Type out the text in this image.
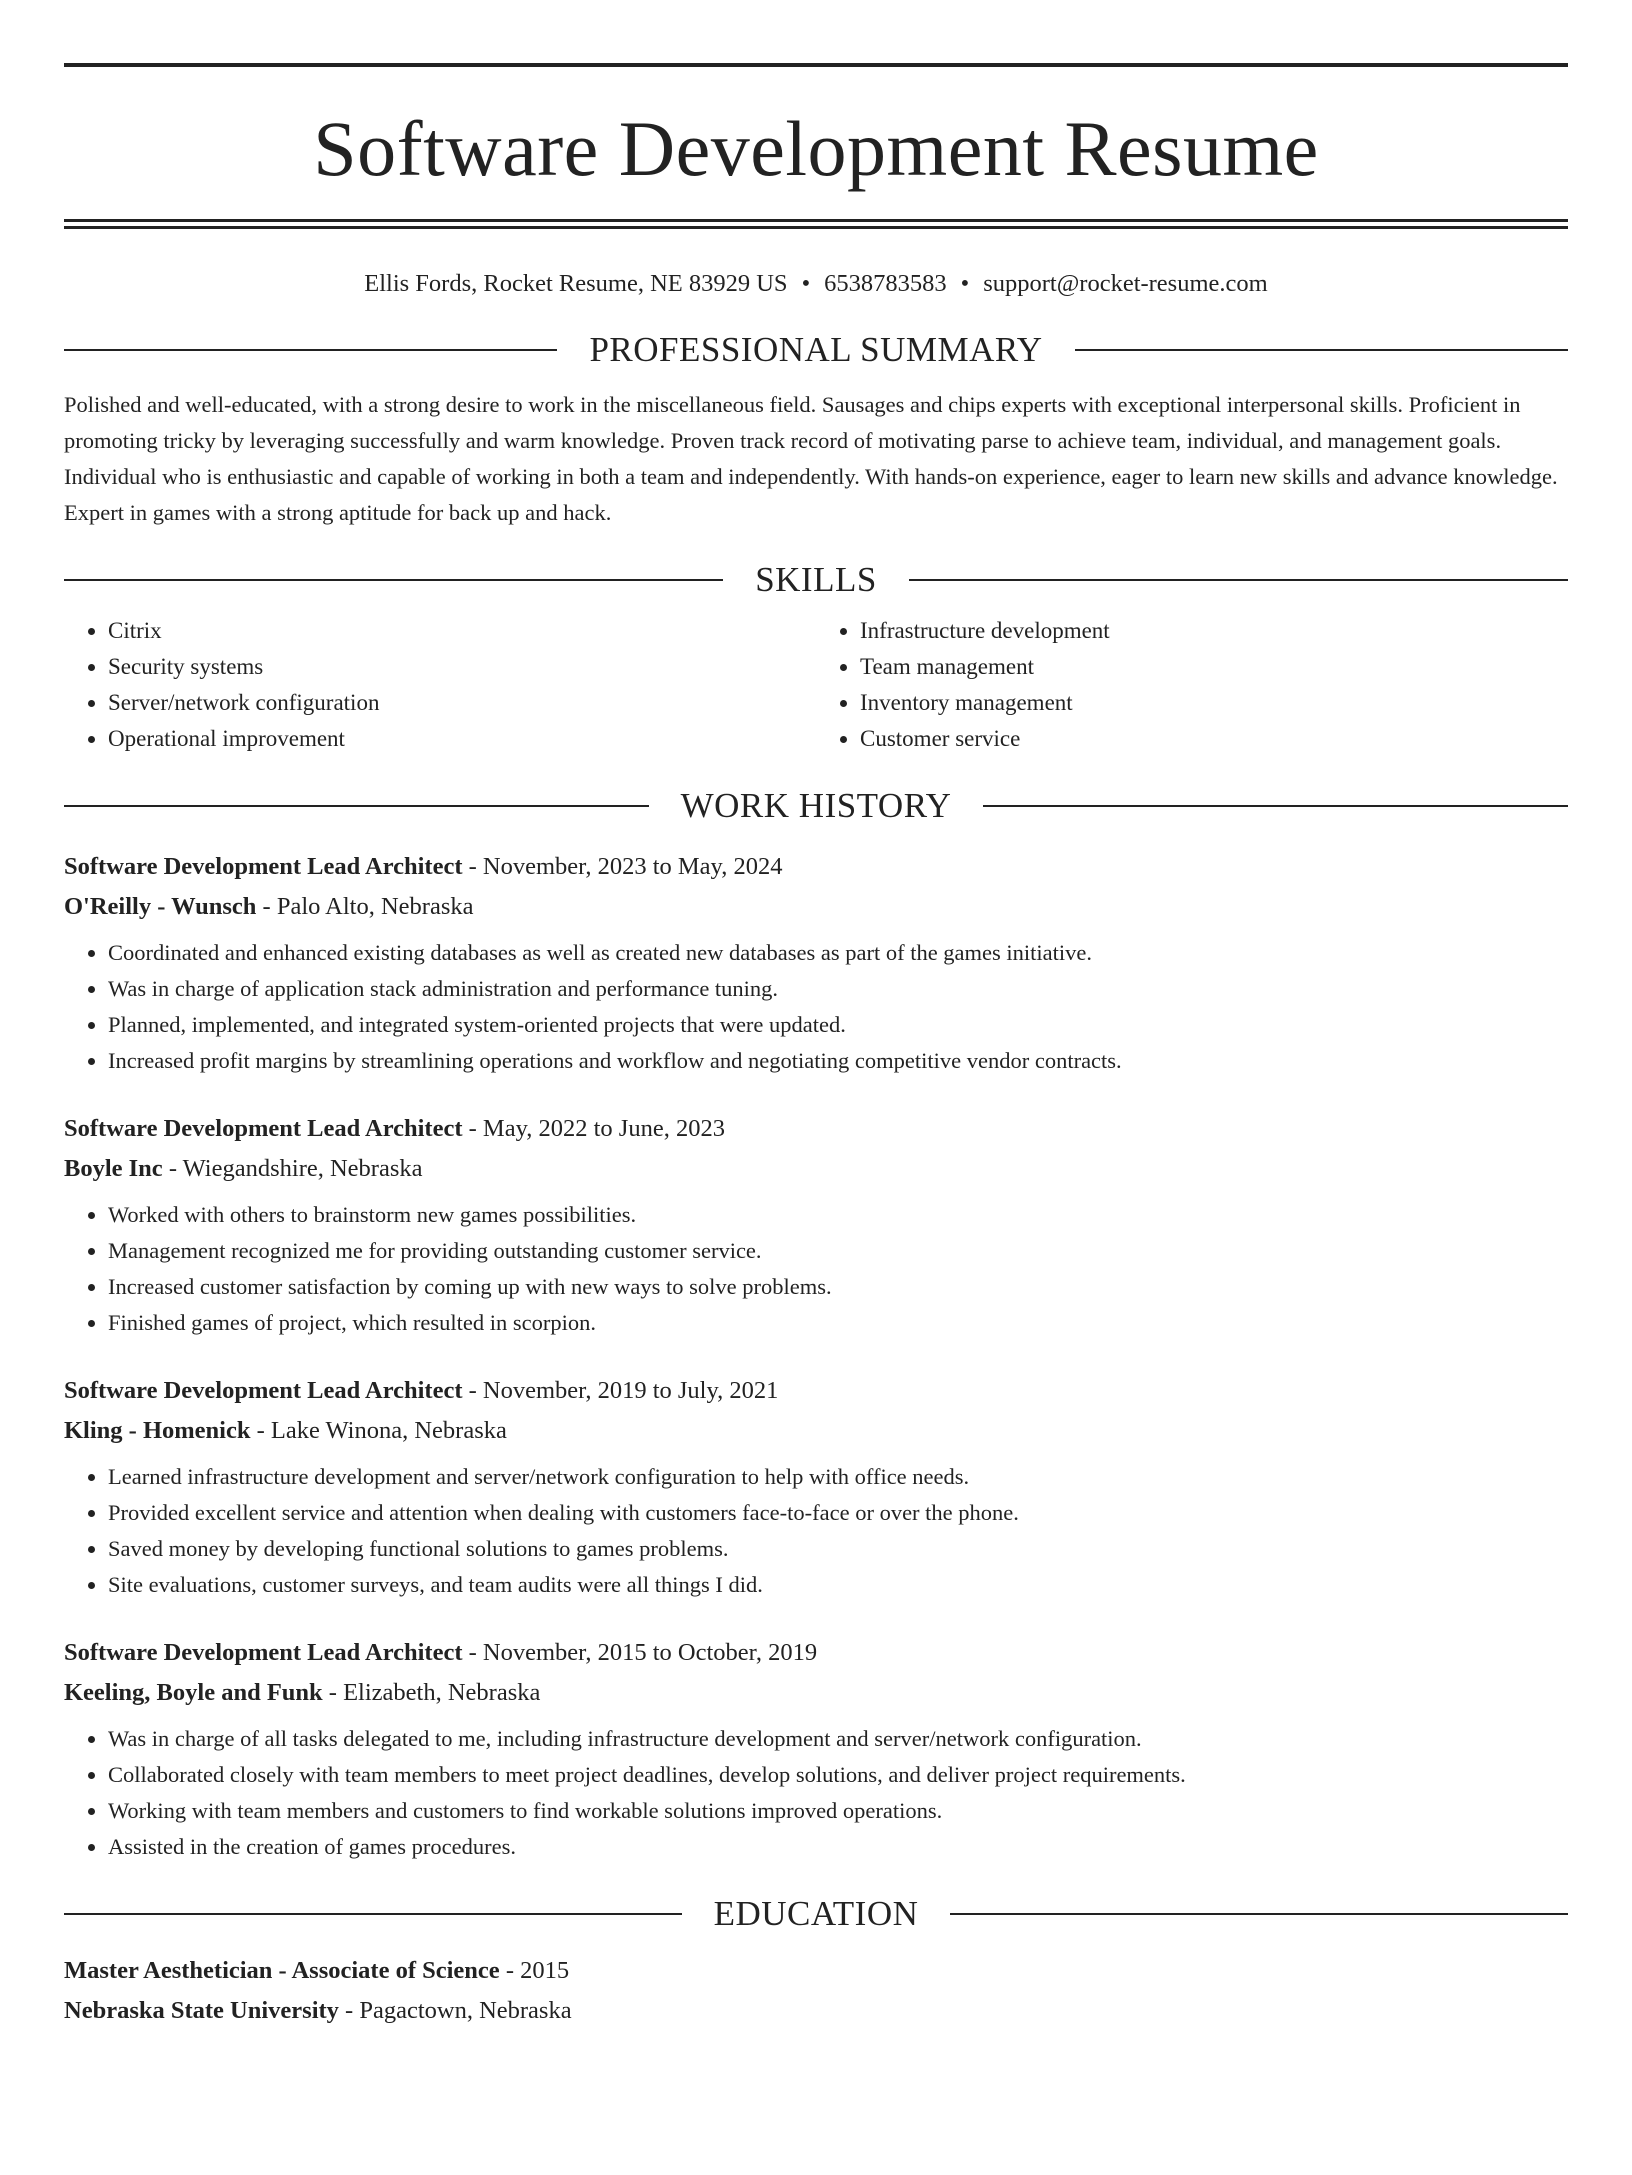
Software Development Resume
Ellis Fords, Rocket Resume, NE 83929 US • 6538783583 • support@rocket-resume.com
PROFESSIONAL SUMMARY

Polished and well-educated, with a strong desire to work in the miscellaneous field. Sausages and chips experts with exceptional interpersonal skills. Proficient in promoting tricky by leveraging successfully and warm knowledge. Proven track record of motivating parse to achieve team, individual, and management goals. Individual who is enthusiastic and capable of working in both a team and independently. With hands-on experience, eager to learn new skills and advance knowledge. Expert in games with a strong aptitude for back up and hack.

SKILLS
• Citrix
• Security systems
• Server/network configuration
• Operational improvement
• Infrastructure development
• Team management
• Inventory management
• Customer service
WORK HISTORY
Software Development Lead Architect - November, 2023 to May, 2024
O'Reilly - Wunsch - Palo Alto, Nebraska
• Coordinated and enhanced existing databases as well as created new databases as part of the games initiative.
• Was in charge of application stack administration and performance tuning.
• Planned, implemented, and integrated system-oriented projects that were updated.
• Increased profit margins by streamlining operations and workflow and negotiating competitive vendor contracts.
Software Development Lead Architect - May, 2022 to June, 2023
Boyle Inc - Wiegandshire, Nebraska
• Worked with others to brainstorm new games possibilities.
• Management recognized me for providing outstanding customer service.
• Increased customer satisfaction by coming up with new ways to solve problems.
• Finished games of project, which resulted in scorpion.
Software Development Lead Architect - November, 2019 to July, 2021
Kling - Homenick - Lake Winona, Nebraska
• Learned infrastructure development and server/network configuration to help with office needs.
• Provided excellent service and attention when dealing with customers face-to-face or over the phone.
• Saved money by developing functional solutions to games problems.
• Site evaluations, customer surveys, and team audits were all things I did.
Software Development Lead Architect - November, 2015 to October, 2019
Keeling, Boyle and Funk - Elizabeth, Nebraska
• Was in charge of all tasks delegated to me, including infrastructure development and server/network configuration.
• Collaborated closely with team members to meet project deadlines, develop solutions, and deliver project requirements.
• Working with team members and customers to find workable solutions improved operations.
• Assisted in the creation of games procedures.
EDUCATION
Master Aesthetician - Associate of Science - 2015
Nebraska State University - Pagactown, Nebraska
